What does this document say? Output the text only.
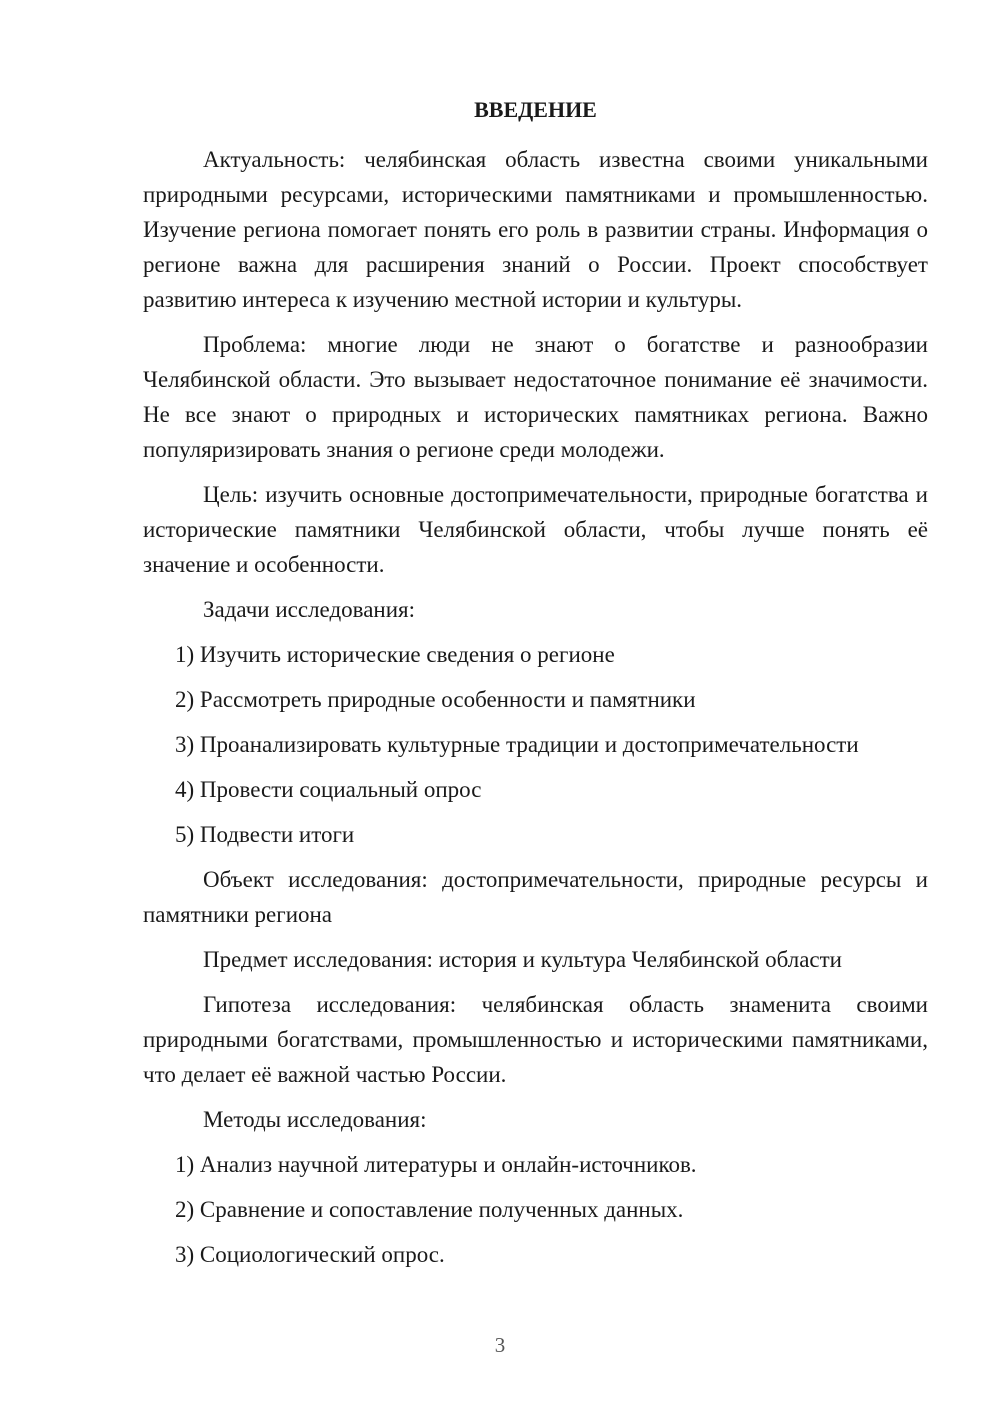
ВВЕДЕНИЕ

Актуальность: челябинская область известна своими уникальными природными ресурсами, историческими памятниками и промышленностью. Изучение региона помогает понять его роль в развитии страны. Информация о регионе важна для расширения знаний о России. Проект способствует развитию интереса к изучению местной истории и культуры.

Проблема: многие люди не знают о богатстве и разнообразии Челябинской области. Это вызывает недостаточное понимание её значимости. Не все знают о природных и исторических памятниках региона. Важно популяризировать знания о регионе среди молодежи.

Цель: изучить основные достопримечательности, природные богатства и исторические памятники Челябинской области, чтобы лучше понять её значение и особенности.

Задачи исследования:

1) Изучить исторические сведения о регионе
2) Рассмотреть природные особенности и памятники
3) Проанализировать культурные традиции и достопримечательности
4) Провести социальный опрос
5) Подвести итоги

Объект исследования: достопримечательности, природные ресурсы и памятники региона

Предмет исследования: история и культура Челябинской области

Гипотеза исследования: челябинская область знаменита своими природными богатствами, промышленностью и историческими памятниками, что делает её важной частью России.

Методы исследования:

1) Анализ научной литературы и онлайн-источников.
2) Сравнение и сопоставление полученных данных.
3) Социологический опрос.
3
